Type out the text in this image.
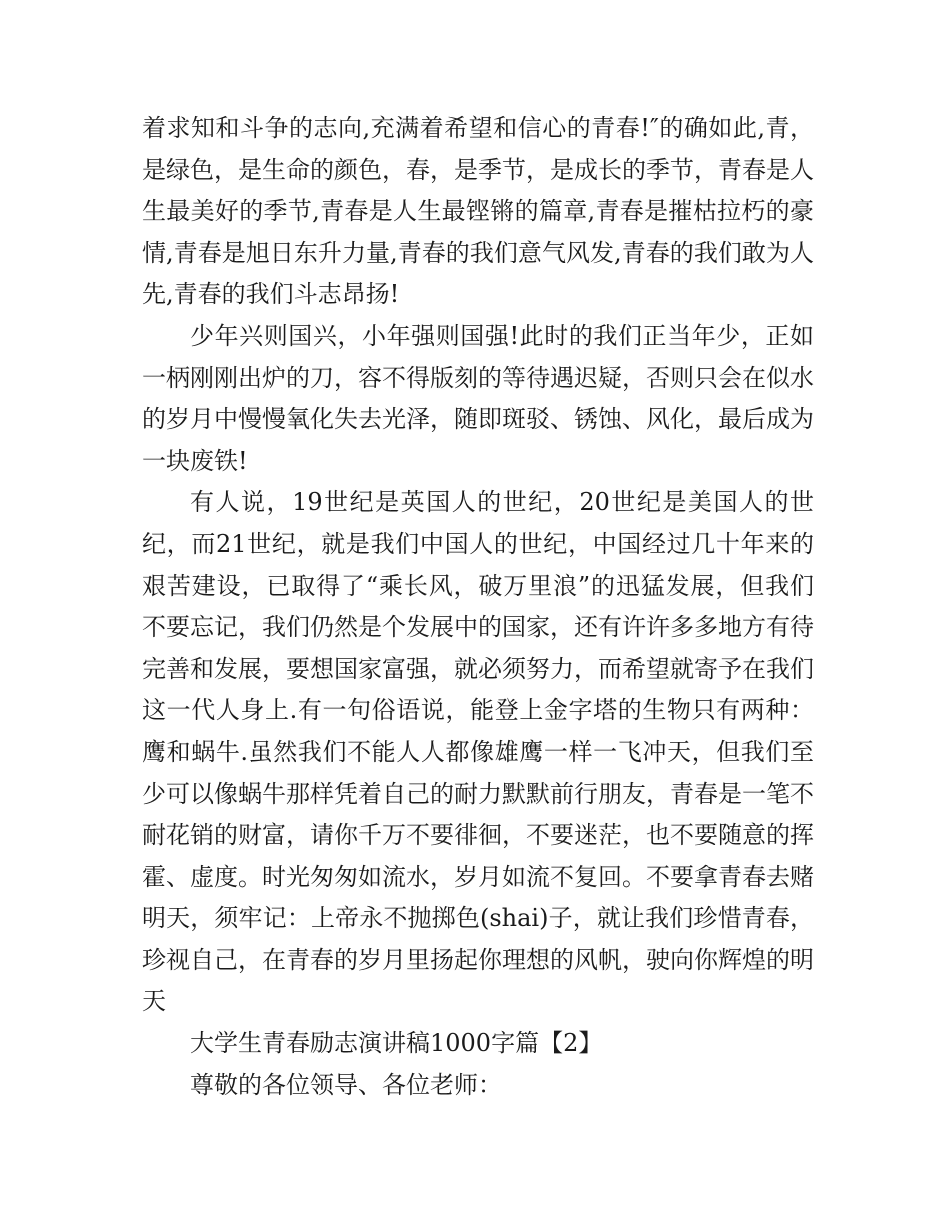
着求知和斗争的志向,充满着希望和信心的青春!″的确如此,青，是绿色，是生命的颜色，春，是季节，是成长的季节，青春是人生最美好的季节,青春是人生最铿锵的篇章,青春是摧枯拉朽的豪情,青春是旭日东升力量,青春的我们意气风发,青春的我们敢为人先,青春的我们斗志昂扬!

少年兴则国兴，小年强则国强!此时的我们正当年少，正如一柄刚刚出炉的刀，容不得版刻的等待遇迟疑，否则只会在似水的岁月中慢慢氧化失去光泽，随即斑驳、锈蚀、风化，最后成为一块废铁!

有人说，19世纪是英国人的世纪，20世纪是美国人的世纪，而21世纪，就是我们中国人的世纪，中国经过几十年来的艰苦建设，已取得了“乘长风，破万里浪”的迅猛发展，但我们不要忘记，我们仍然是个发展中的国家，还有许许多多地方有待完善和发展，要想国家富强，就必须努力，而希望就寄予在我们这一代人身上.有一句俗语说，能登上金字塔的生物只有两种：鹰和蜗牛.虽然我们不能人人都像雄鹰一样一飞冲天，但我们至少可以像蜗牛那样凭着自己的耐力默默前行朋友，青春是一笔不耐花销的财富，请你千万不要徘徊，不要迷茫，也不要随意的挥霍、虚度。时光匆匆如流水，岁月如流不复回。不要拿青春去赌明天，须牢记：上帝永不抛掷色(shai)子，就让我们珍惜青春，珍视自己，在青春的岁月里扬起你理想的风帆，驶向你辉煌的明天

大学生青春励志演讲稿1000字篇【2】

尊敬的各位领导、各位老师：
